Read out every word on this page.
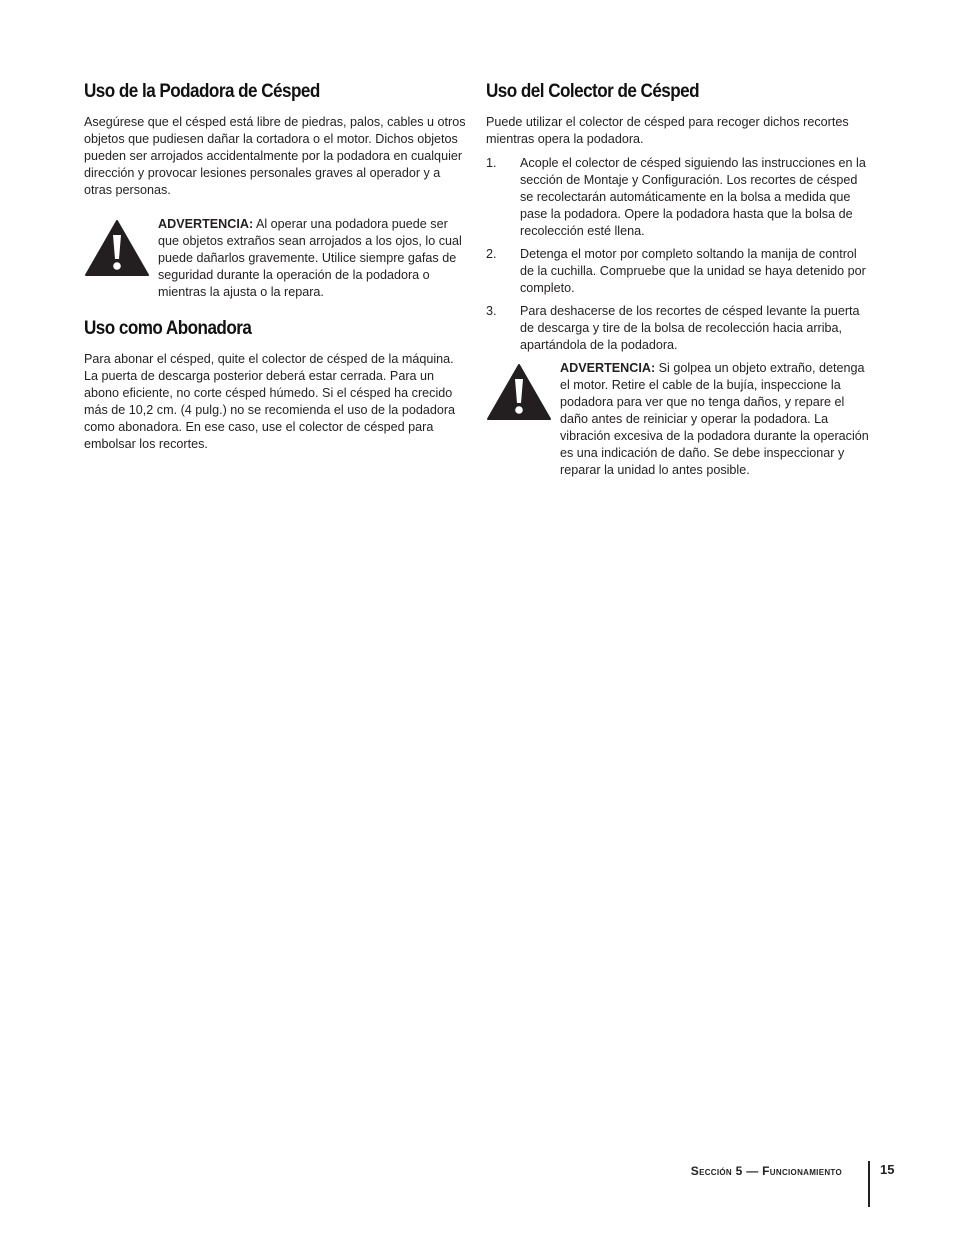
Uso de la Podadora de Césped

Asegúrese que el césped está libre de piedras, palos, cables u otros objetos que pudiesen dañar la cortadora o el motor. Dichos objetos pueden ser arrojados accidentalmente por la podadora en cualquier dirección y provocar lesiones personales graves al operador y a otras personas.

ADVERTENCIA: Al operar una podadora puede ser que objetos extraños sean arrojados a los ojos, lo cual puede dañarlos gravemente. Utilice siempre gafas de seguridad durante la operación de la podadora o mientras la ajusta o la repara.
Uso como Abonadora

Para abonar el césped, quite el colector de césped de la máquina. La puerta de descarga posterior deberá estar cerrada. Para un abono eficiente, no corte césped húmedo. Si el césped ha crecido más de 10,2 cm. (4 pulg.) no se recomienda el uso de la podadora como abonadora. En ese caso, use el colector de césped para embolsar los recortes.

Uso del Colector de Césped

Puede utilizar el colector de césped para recoger dichos recortes mientras opera la podadora.

1.	Acople el colector de césped siguiendo las instrucciones en la sección de Montaje y Configuración. Los recortes de césped se recolectarán automáticamente en la bolsa a medida que pase la podadora. Opere la podadora hasta que la bolsa de recolección esté llena.
2.	Detenga el motor por completo soltando la manija de control de la cuchilla. Compruebe que la unidad se haya detenido por completo.
3.	Para deshacerse de los recortes de césped levante la puerta de descarga y tire de la bolsa de recolección hacia arriba, apartándola de la podadora.
ADVERTENCIA: Si golpea un objeto extraño, detenga el motor. Retire el cable de la bujía, inspeccione la podadora para ver que no tenga daños, y repare el daño antes de reiniciar y operar la podadora. La vibración excesiva de la podadora durante la operación es una indicación de daño. Se debe inspeccionar y reparar la unidad lo antes posible.
Sección 5 — Funcionamiento	15
